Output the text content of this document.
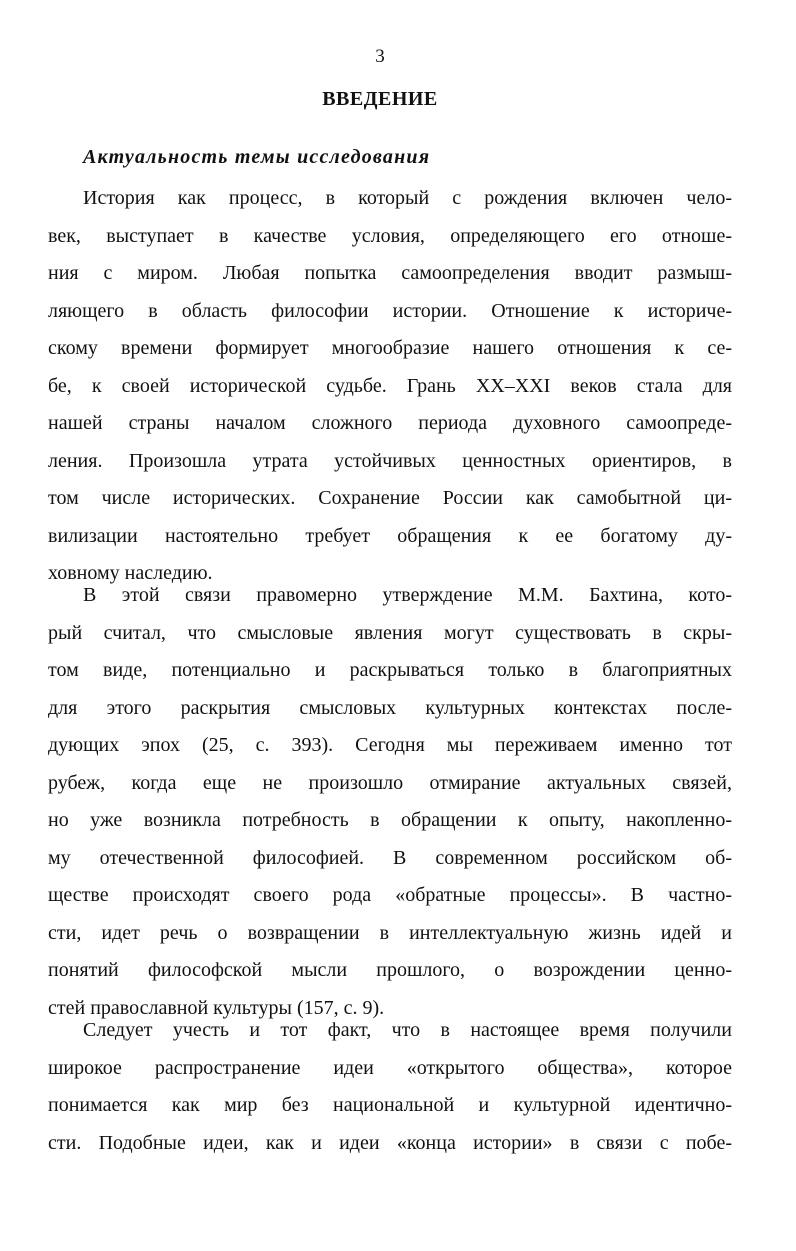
3
ВВЕДЕНИЕ
Актуальность темы исследования
История как процесс, в который с рождения включен чело-
век, выступает в качестве условия, определяющего его отноше-
ния с миром. Любая попытка самоопределения вводит размыш-
ляющего в область философии истории. Отношение к историче-
скому времени формирует многообразие нашего отношения к се-
бе, к своей исторической судьбе. Грань XX–XXI веков стала для
нашей страны началом сложного периода духовного самоопреде-
ления. Произошла утрата устойчивых ценностных ориентиров, в
том числе исторических. Сохранение России как самобытной ци-
вилизации настоятельно требует обращения к ее богатому ду-
ховному наследию.
В этой связи правомерно утверждение М.М. Бахтина, кото-
рый считал, что смысловые явления могут существовать в скры-
том виде, потенциально и раскрываться только в благоприятных
для этого раскрытия смысловых культурных контекстах после-
дующих эпох (25, с. 393). Сегодня мы переживаем именно тот
рубеж, когда еще не произошло отмирание актуальных связей,
но уже возникла потребность в обращении к опыту, накопленно-
му отечественной философией. В современном российском об-
ществе происходят своего рода «обратные процессы». В частно-
сти, идет речь о возвращении в интеллектуальную жизнь идей и
понятий философской мысли прошлого, о возрождении ценно-
стей православной культуры (157, с. 9).
Следует учесть и тот факт, что в настоящее время получили
широкое распространение идеи «открытого общества», которое
понимается как мир без национальной и культурной идентично-
сти. Подобные идеи, как и идеи «конца истории» в связи с побе-
